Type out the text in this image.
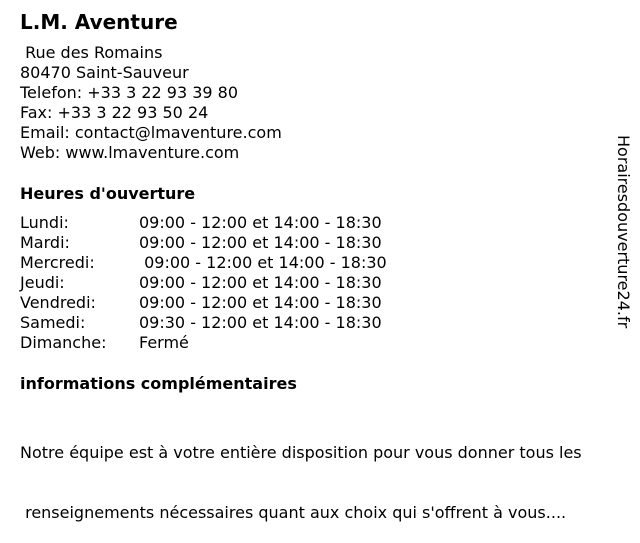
L.M. Aventure
Rue des Romains
80470 Saint-Sauveur
Telefon: +33 3 22 93 39 80
Fax: +33 3 22 93 50 24
Email: contact@lmaventure.com
Web: www.lmaventure.com
Heures d'ouverture
Lundi:	09:00 - 12:00 et 14:00 - 18:30
Mardi:	09:00 - 12:00 et 14:00 - 18:30
Mercredi:	09:00 - 12:00 et 14:00 - 18:30
Jeudi:	09:00 - 12:00 et 14:00 - 18:30
Vendredi:	09:00 - 12:00 et 14:00 - 18:30
Samedi:	09:30 - 12:00 et 14:00 - 18:30
Dimanche: Fermé
informations complémentaires

Notre équipe est à votre entière disposition pour vous donner tous les

renseignements nécessaires quant aux choix qui s'offrent à vous....

Horairesdouverture24.fr
